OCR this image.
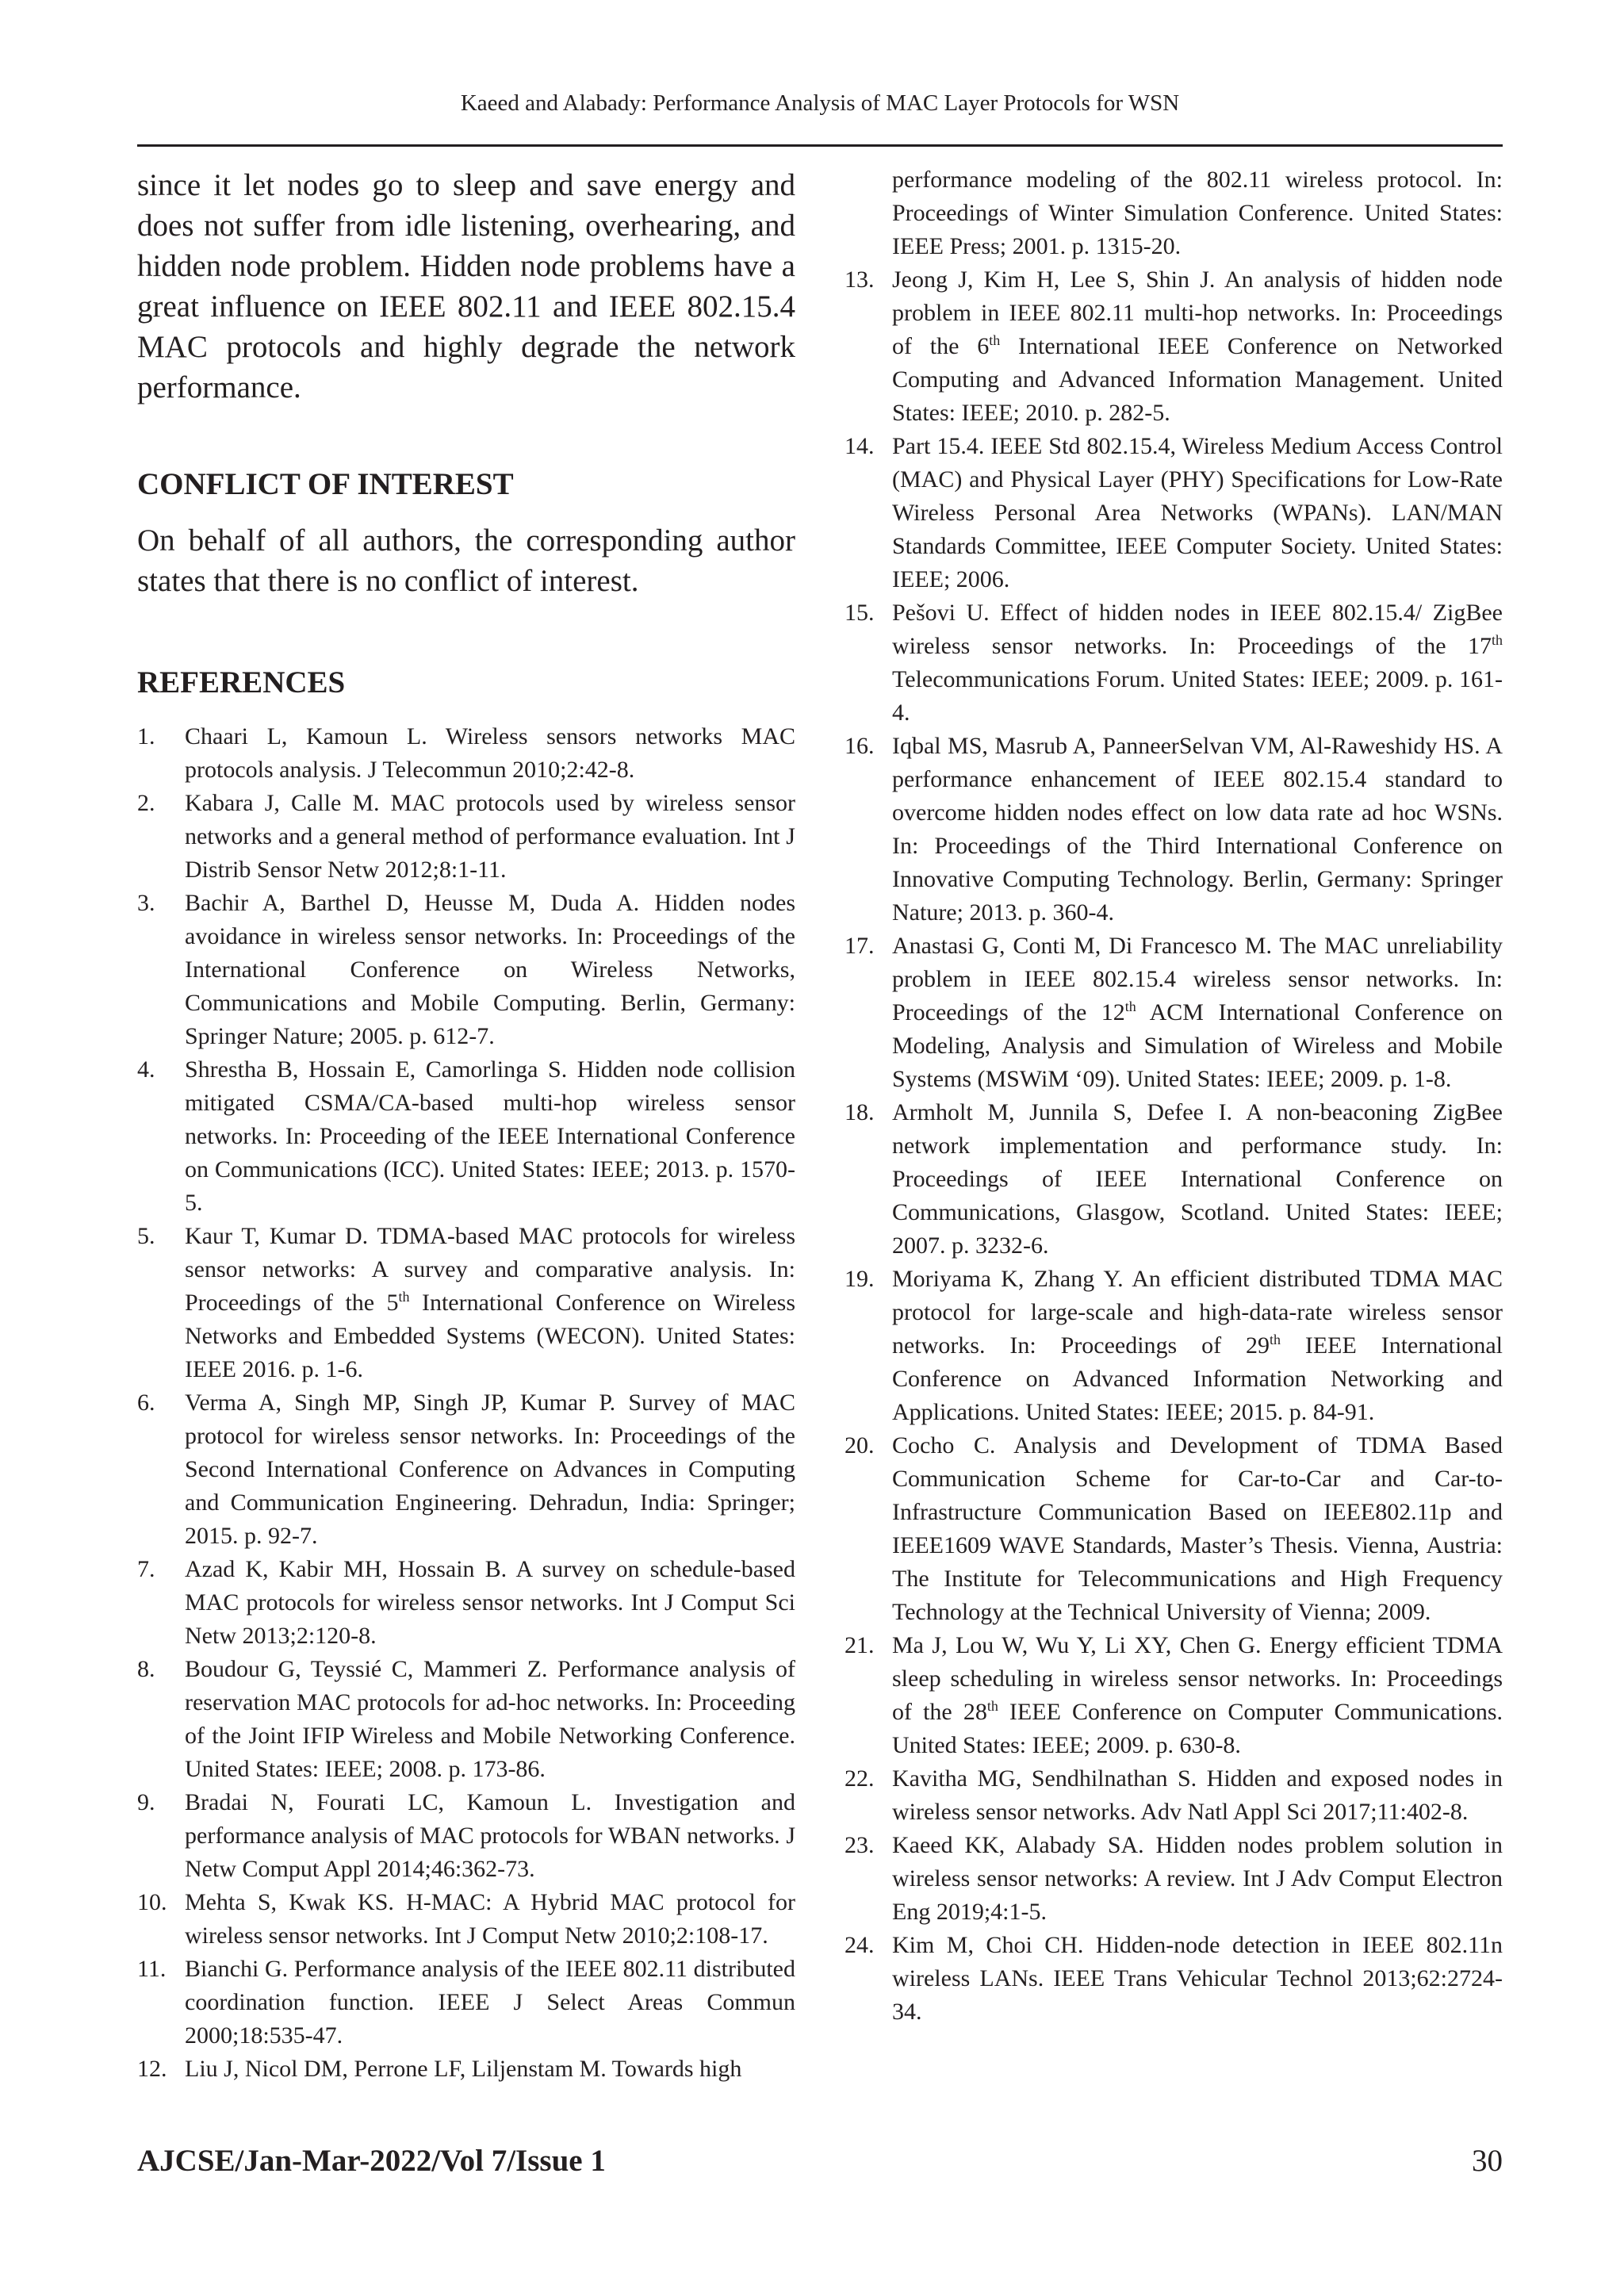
Kaeed and Alabady: Performance Analysis of MAC Layer Protocols for WSN

since it let nodes go to sleep and save energy and does not suffer from idle listening, overhearing, and hidden node problem. Hidden node problems have a great influence on IEEE 802.11 and IEEE 802.15.4 MAC protocols and highly degrade the network performance.

CONFLICT OF INTEREST

On behalf of all authors, the corresponding author states that there is no conflict of interest.

REFERENCES
1.	Chaari L, Kamoun L. Wireless sensors networks MAC protocols analysis. J Telecommun 2010;2:42-8.
2.	Kabara J, Calle M. MAC protocols used by wireless sensor networks and a general method of performance evaluation. Int J Distrib Sensor Netw 2012;8:1-11.
3.	Bachir A, Barthel D, Heusse M, Duda A. Hidden nodes avoidance in wireless sensor networks. In: Proceedings of the International Conference on Wireless Networks, Communications and Mobile Computing. Berlin, Germany: Springer Nature; 2005. p. 612-7.
4.	Shrestha B, Hossain E, Camorlinga S. Hidden node collision mitigated CSMA/CA-based multi-hop wireless sensor networks. In: Proceeding of the IEEE International Conference on Communications (ICC). United States: IEEE; 2013. p. 1570-5.
5.	Kaur T, Kumar D. TDMA-based MAC protocols for wireless sensor networks: A survey and comparative analysis. In: Proceedings of the 5th International Conference on Wireless Networks and Embedded Systems (WECON). United States: IEEE 2016. p. 1-6.
6.	Verma A, Singh MP, Singh JP, Kumar P. Survey of MAC protocol for wireless sensor networks. In: Proceedings of the Second International Conference on Advances in Computing and Communication Engineering. Dehradun, India: Springer; 2015. p. 92-7.
7.	Azad K, Kabir MH, Hossain B. A survey on schedule-based MAC protocols for wireless sensor networks. Int J Comput Sci Netw 2013;2:120-8.
8.	Boudour G, Teyssié C, Mammeri Z. Performance analysis of reservation MAC protocols for ad-hoc networks. In: Proceeding of the Joint IFIP Wireless and Mobile Networking Conference. United States: IEEE; 2008. p. 173-86.
9.	Bradai N, Fourati LC, Kamoun L. Investigation and performance analysis of MAC protocols for WBAN networks. J Netw Comput Appl 2014;46:362-73.
10. Mehta S, Kwak KS. H-MAC: A Hybrid MAC protocol for wireless sensor networks. Int J Comput Netw 2010;2:108-17.
11. Bianchi G. Performance analysis of the IEEE 802.11 distributed coordination function. IEEE J Select Areas Commun 2000;18:535-47.
12. Liu J, Nicol DM, Perrone LF, Liljenstam M. Towards high

performance modeling of the 802.11 wireless protocol. In: Proceedings of Winter Simulation Conference. United States: IEEE Press; 2001. p. 1315-20.

13. Jeong J, Kim H, Lee S, Shin J. An analysis of hidden node problem in IEEE 802.11 multi-hop networks. In: Proceedings of the 6th International IEEE Conference on Networked Computing and Advanced Information Management. United States: IEEE; 2010. p. 282-5.
14. Part 15.4. IEEE Std 802.15.4, Wireless Medium Access Control (MAC) and Physical Layer (PHY) Specifications for Low-Rate Wireless Personal Area Networks (WPANs). LAN/MAN Standards Committee, IEEE Computer Society. United States: IEEE; 2006.
15. Pešovi U. Effect of hidden nodes in IEEE 802.15.4/ ZigBee wireless sensor networks. In: Proceedings of the 17th Telecommunications Forum. United States: IEEE; 2009. p. 161-4.
16. Iqbal MS, Masrub A, PanneerSelvan VM, Al-Raweshidy HS. A performance enhancement of IEEE 802.15.4 standard to overcome hidden nodes effect on low data rate ad hoc WSNs. In: Proceedings of the Third International Conference on Innovative Computing Technology. Berlin, Germany: Springer Nature; 2013. p. 360-4.
17. Anastasi G, Conti M, Di Francesco M. The MAC unreliability problem in IEEE 802.15.4 wireless sensor networks. In: Proceedings of the 12th ACM International Conference on Modeling, Analysis and Simulation of Wireless and Mobile Systems (MSWiM ‘09). United States: IEEE; 2009. p. 1-8.
18. Armholt M, Junnila S, Defee I. A non-beaconing ZigBee network implementation and performance study. In: Proceedings of IEEE International Conference on Communications, Glasgow, Scotland. United States: IEEE; 2007. p. 3232-6.
19. Moriyama K, Zhang Y. An efficient distributed TDMA MAC protocol for large-scale and high-data-rate wireless sensor networks. In: Proceedings of 29th IEEE International Conference on Advanced Information Networking and Applications. United States: IEEE; 2015. p. 84-91.
20. Cocho C. Analysis and Development of TDMA Based Communication Scheme for Car-to-Car and Car-to-Infrastructure Communication Based on IEEE802.11p and IEEE1609 WAVE Standards, Master’s Thesis. Vienna, Austria: The Institute for Telecommunications and High Frequency Technology at the Technical University of Vienna; 2009.
21. Ma J, Lou W, Wu Y, Li XY, Chen G. Energy efficient TDMA sleep scheduling in wireless sensor networks. In: Proceedings of the 28th IEEE Conference on Computer Communications. United States: IEEE; 2009. p. 630-8.
22. Kavitha MG, Sendhilnathan S. Hidden and exposed nodes in wireless sensor networks. Adv Natl Appl Sci 2017;11:402-8.
23. Kaeed KK, Alabady SA. Hidden nodes problem solution in wireless sensor networks: A review. Int J Adv Comput Electron Eng 2019;4:1-5.
24. Kim M, Choi CH. Hidden-node detection in IEEE 802.11n wireless LANs. IEEE Trans Vehicular Technol 2013;62:2724-34.
AJCSE/Jan-Mar-2022/Vol 7/Issue 1	30
